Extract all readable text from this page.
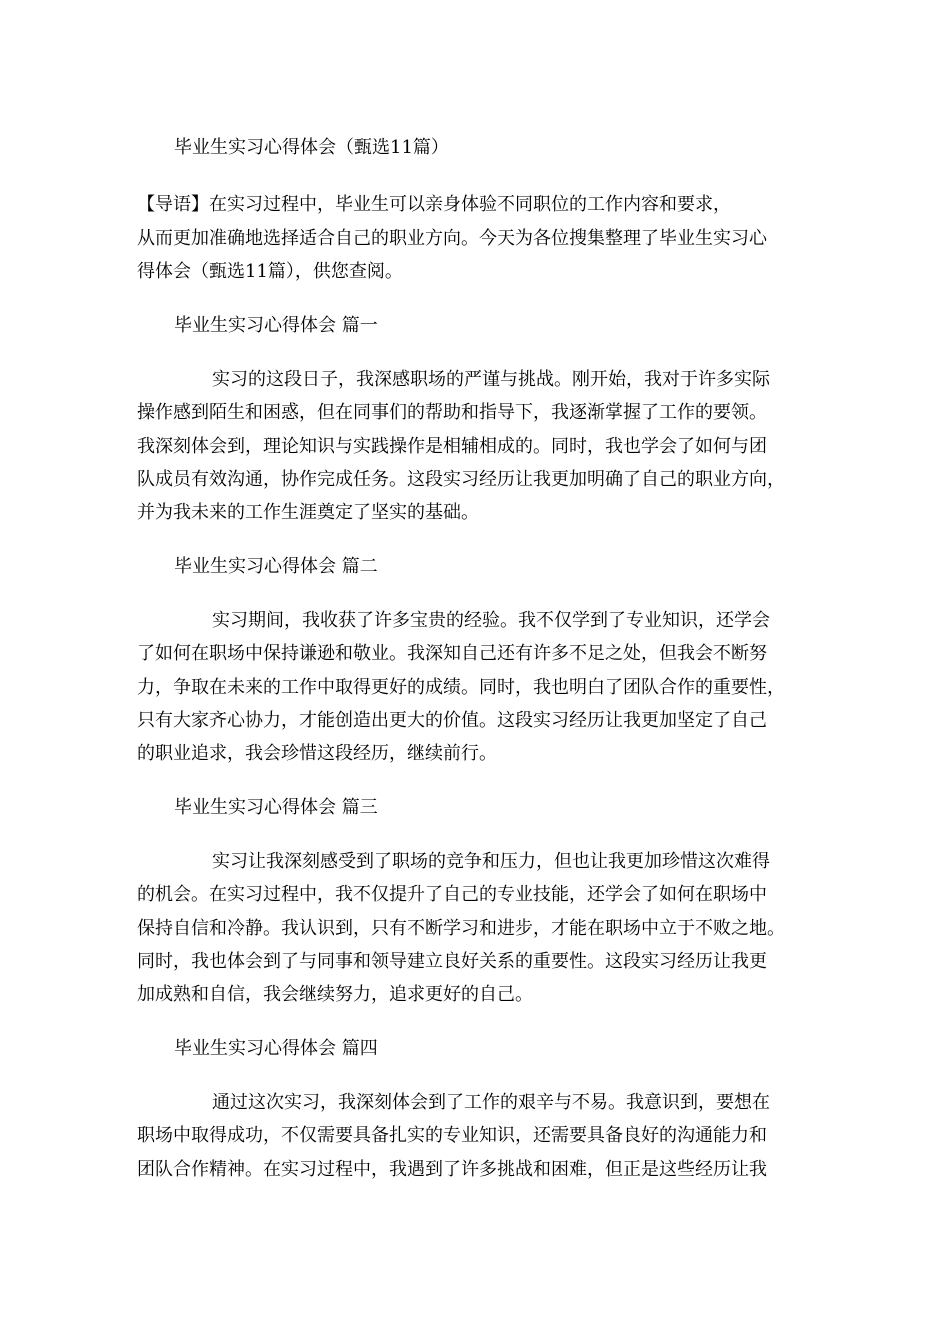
毕业生实习心得体会（甄选11篇）
【导语】在实习过程中，毕业生可以亲身体验不同职位的工作内容和要求，
从而更加准确地选择适合自己的职业方向。今天为各位搜集整理了毕业生实习心
得体会（甄选11篇），供您查阅。
毕业生实习心得体会 篇一
实习的这段日子，我深感职场的严谨与挑战。刚开始，我对于许多实际
操作感到陌生和困惑，但在同事们的帮助和指导下，我逐渐掌握了工作的要领。
我深刻体会到，理论知识与实践操作是相辅相成的。同时，我也学会了如何与团
队成员有效沟通，协作完成任务。这段实习经历让我更加明确了自己的职业方向，
并为我未来的工作生涯奠定了坚实的基础。
毕业生实习心得体会 篇二
实习期间，我收获了许多宝贵的经验。我不仅学到了专业知识，还学会
了如何在职场中保持谦逊和敬业。我深知自己还有许多不足之处，但我会不断努
力，争取在未来的工作中取得更好的成绩。同时，我也明白了团队合作的重要性，
只有大家齐心协力，才能创造出更大的价值。这段实习经历让我更加坚定了自己
的职业追求，我会珍惜这段经历，继续前行。
毕业生实习心得体会 篇三
实习让我深刻感受到了职场的竞争和压力，但也让我更加珍惜这次难得
的机会。在实习过程中，我不仅提升了自己的专业技能，还学会了如何在职场中
保持自信和冷静。我认识到，只有不断学习和进步，才能在职场中立于不败之地。
同时，我也体会到了与同事和领导建立良好关系的重要性。这段实习经历让我更
加成熟和自信，我会继续努力，追求更好的自己。
毕业生实习心得体会 篇四
通过这次实习，我深刻体会到了工作的艰辛与不易。我意识到，要想在
职场中取得成功，不仅需要具备扎实的专业知识，还需要具备良好的沟通能力和
团队合作精神。在实习过程中，我遇到了许多挑战和困难，但正是这些经历让我
